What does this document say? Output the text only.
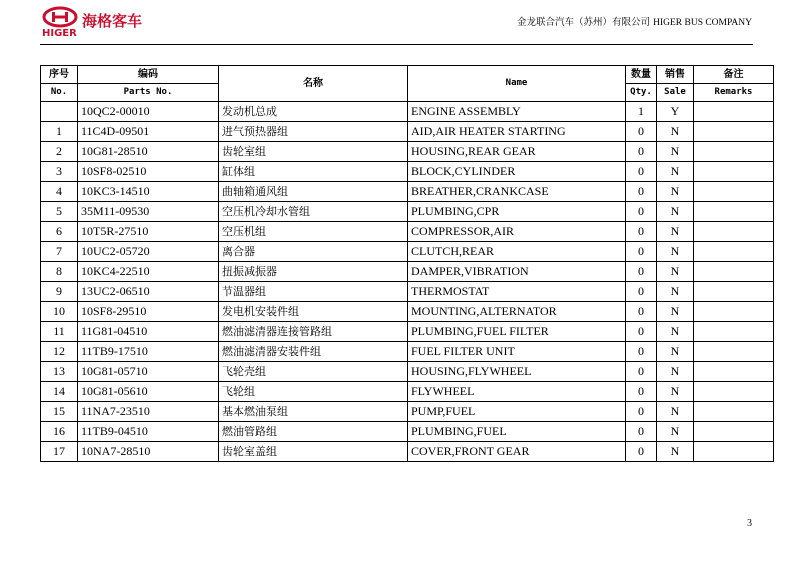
海格客车
HIGER
金龙联合汽车（苏州）有限公司 HIGER BUS COMPANY
序号	编码	名称	Name	数量	销售	备注
No.	Parts No.			Qty.	Sale	Remarks
	10QC2-00010	发动机总成	ENGINE ASSEMBLY	1	Y	
1	11C4D-09501	进气预热器组	AID,AIR HEATER STARTING	0	N	
2	10G81-28510	齿轮室组	HOUSING,REAR GEAR	0	N	
3	10SF8-02510	缸体组	BLOCK,CYLINDER	0	N	
4	10KC3-14510	曲轴箱通风组	BREATHER,CRANKCASE	0	N	
5	35M11-09530	空压机冷却水管组	PLUMBING,CPR	0	N	
6	10T5R-27510	空压机组	COMPRESSOR,AIR	0	N	
7	10UC2-05720	离合器	CLUTCH,REAR	0	N	
8	10KC4-22510	扭振减振器	DAMPER,VIBRATION	0	N	
9	13UC2-06510	节温器组	THERMOSTAT	0	N	
10	10SF8-29510	发电机安装件组	MOUNTING,ALTERNATOR	0	N	
11	11G81-04510	燃油滤清器连接管路组	PLUMBING,FUEL FILTER	0	N	
12	11TB9-17510	燃油滤清器安装件组	FUEL FILTER UNIT	0	N	
13	10G81-05710	飞轮壳组	HOUSING,FLYWHEEL	0	N	
14	10G81-05610	飞轮组	FLYWHEEL	0	N	
15	11NA7-23510	基本燃油泵组	PUMP,FUEL	0	N	
16	11TB9-04510	燃油管路组	PLUMBING,FUEL	0	N	
17	10NA7-28510	齿轮室盖组	COVER,FRONT GEAR	0	N	
3
